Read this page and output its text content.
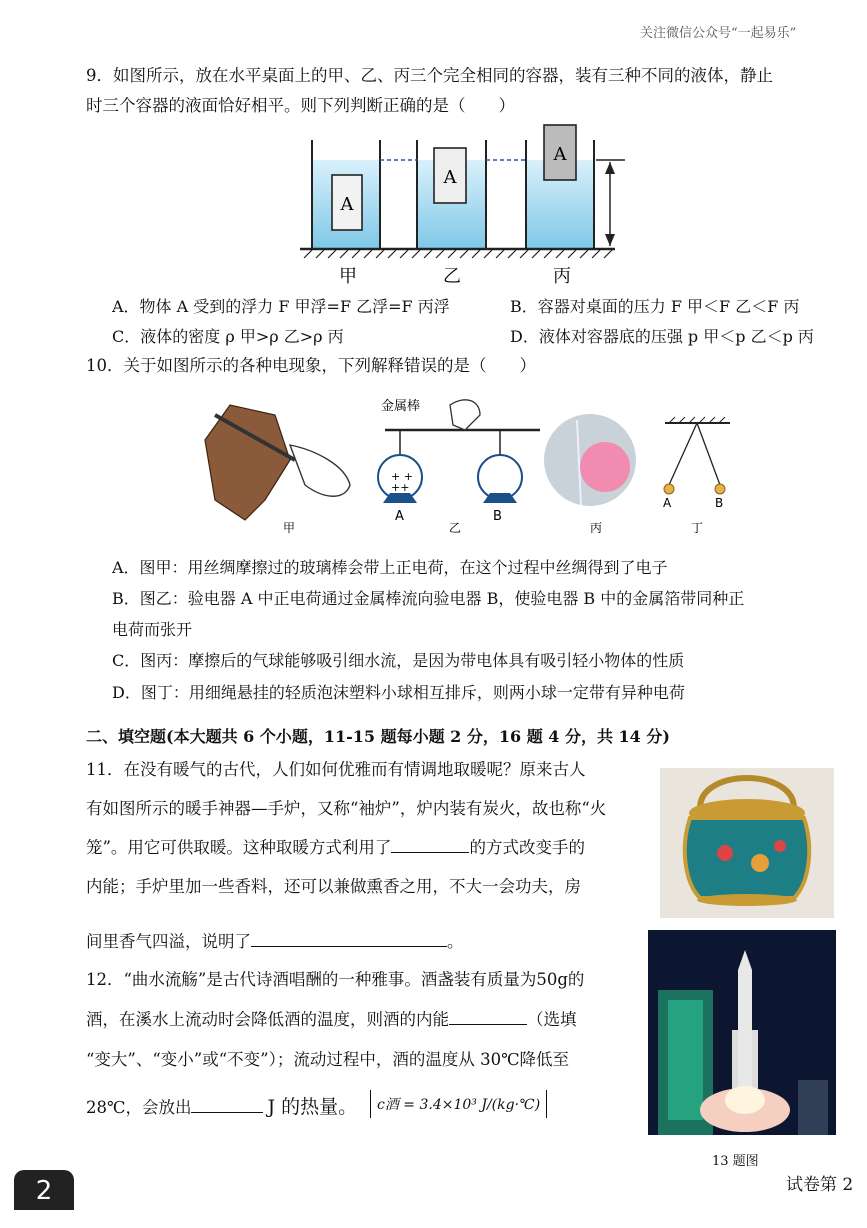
关注微信公众号“一起易乐”
9．如图所示，放在水平桌面上的甲、乙、丙三个完全相同的容器，装有三种不同的液体，静止
时三个容器的液面恰好相平。则下列判断正确的是（　　）
A
A
A
甲	乙	丙
A．物体 A 受到的浮力 F 甲浮=F 乙浮=F 丙浮	B．容器对桌面的压力 F 甲＜F 乙＜F 丙
C．液体的密度 ρ 甲>ρ 乙>ρ 丙	D．液体对容器底的压强 p 甲＜p 乙＜p 丙
10．关于如图所示的各种电现象，下列解释错误的是（　　）
金属棒
+ +
++
A	B
A	B
甲	乙	丙	丁
A．图甲：用丝绸摩擦过的玻璃棒会带上正电荷，在这个过程中丝绸得到了电子
B．图乙：验电器 A 中正电荷通过金属棒流向验电器 B，使验电器 B 中的金属箔带同种正
电荷而张开
C．图丙：摩擦后的气球能够吸引细水流，是因为带电体具有吸引轻小物体的性质
D．图丁：用细绳悬挂的轻质泡沫塑料小球相互排斥，则两小球一定带有异种电荷
二、填空题(本大题共 6 个小题，11-15 题每小题 2 分，16 题 4 分，共 14 分)
11．在没有暖气的古代，人们如何优雅而有情调地取暖呢？原来古人
有如图所示的暖手神器—手炉，又称“袖炉”，炉内装有炭火，故也称“火
笼”。用它可供取暖。这种取暖方式利用了	的方式改变手的
内能；手炉里加一些香料，还可以兼做熏香之用，不大一会功夫，房
间里香气四溢，说明了	。
12．“曲水流觞”是古代诗酒唱酬的一种雅事。酒盏装有质量为50g的
酒，在溪水上流动时会降低酒的温度，则酒的内能	（选填
“变大”、“变小”或“不变”）；流动过程中，酒的温度从 30℃降低至
28℃，会放出	J 的热量。	c酒 = 3.4×10³ J/(kg·℃)
13 题图
2	试卷第 2
